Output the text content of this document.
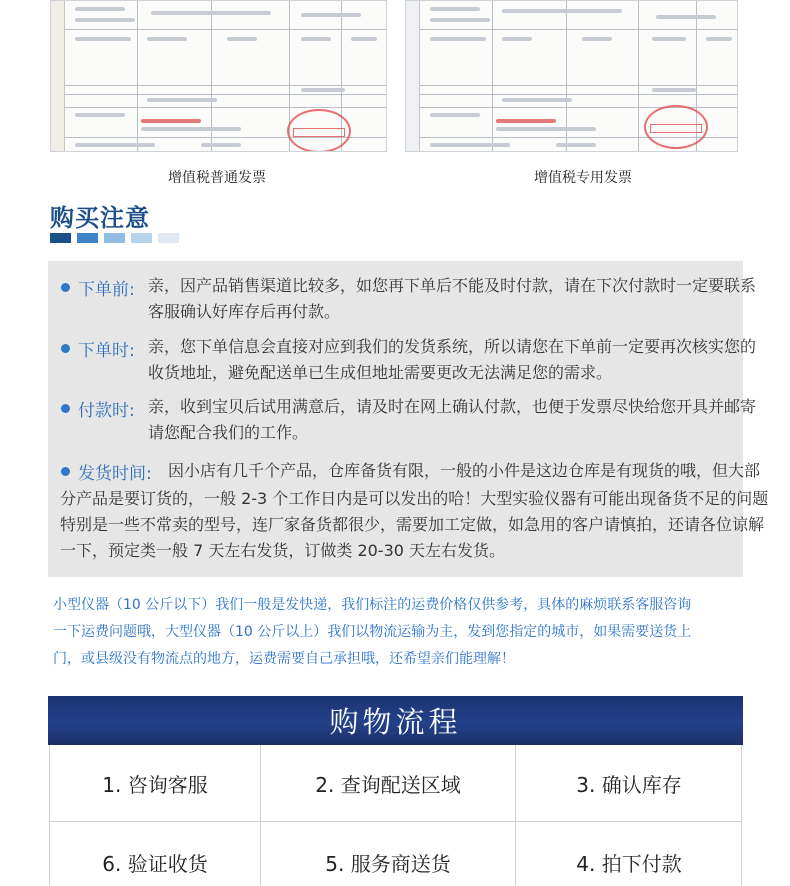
增值税普通发票	增值税专用发票
购买注意
下单前: 亲，因产品销售渠道比较多，如您再下单后不能及时付款，请在下次付款时一定要联系
客服确认好库存后再付款。
下单时: 亲，您下单信息会直接对应到我们的发货系统，所以请您在下单前一定要再次核实您的
收货地址，避免配送单已生成但地址需要更改无法满足您的需求。
付款时: 亲，收到宝贝后试用满意后，请及时在网上确认付款，也便于发票尽快给您开具并邮寄
请您配合我们的工作。
发货时间: 因小店有几千个产品，仓库备货有限，一般的小件是这边仓库是有现货的哦，但大部
分产品是要订货的，一般 2-3 个工作日内是可以发出的哈！大型实验仪器有可能出现备货不足的问题
特别是一些不常卖的型号，连厂家备货都很少，需要加工定做，如急用的客户请慎拍，还请各位谅解
一下，预定类一般 7 天左右发货，订做类 20-30 天左右发货。
小型仪器（10 公斤以下）我们一般是发快递，我们标注的运费价格仅供参考，具体的麻烦联系客服咨询
一下运费问题哦，大型仪器（10 公斤以上）我们以物流运输为主，发到您指定的城市，如果需要送货上
门，或县级没有物流点的地方，运费需要自己承担哦，还希望亲们能理解！
购物流程
1. 咨询客服	2. 查询配送区域	3. 确认库存
6. 验证收货	5. 服务商送货	4. 拍下付款
